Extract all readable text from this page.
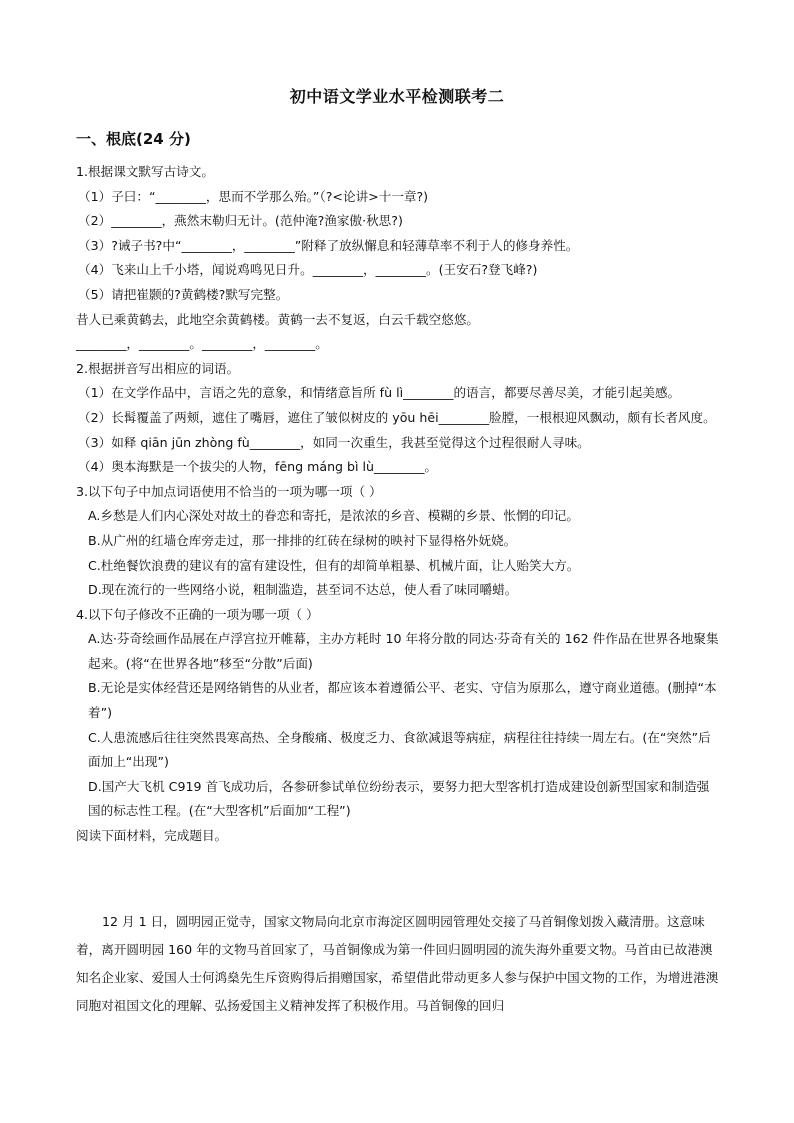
初中语文学业水平检测联考二
一、根底(24 分)
1.根据课文默写古诗文。
（1）子曰：“________，思而不学那么殆。”（?<论讲>十一章?)
（2）________，燕然末勒归无计。(范仲淹?渔家傲·秋思?)
（3）?诫子书?中“________，________”附释了放纵懈息和轻薄草率不利于人的修身养性。
（4）飞来山上千小塔，闻说鸡鸣见日升。________，________。(王安石?登飞峰?)
（5）请把崔颢的?黄鹤楼?默写完整。
昔人已乘黄鹤去，此地空余黄鹤楼。黄鹤一去不复返，白云千载空悠悠。
________，________。________，________。
2.根据拼音写出相应的词语。
（1）在文学作品中，言语之先的意象，和情绪意旨所 fù lì________的语言，都要尽善尽美，才能引起美感。
（2）长髯覆盖了两颊，遮住了嘴唇，遮住了皱似树皮的 yōu hēi________脸膛，一根根迎风飘动，颇有长者风度。
（3）如释 qiān jūn zhòng fù________，如同一次重生，我甚至觉得这个过程很耐人寻味。
（4）奥本海默是一个拔尖的人物，fēng máng bì lù________。
3.以下句子中加点词语使用不恰当的一项为哪一项（ ）
A.乡愁是人们内心深处对故土的眷恋和寄托，是浓浓的乡音、模糊的乡景、怅惘的印记。
B.从广州的红墙仓库旁走过，那一排排的红砖在绿树的映衬下显得格外妩娆。
C.杜绝餐饮浪费的建议有的富有建设性，但有的却简单粗暴、机械片面，让人贻笑大方。
D.现在流行的一些网络小说，粗制滥造，甚至词不达总，使人看了味同嚼蜡。
4.以下句子修改不正确的一项为哪一项（ ）
A.达·芬奇绘画作品展在卢浮宫拉开帷幕，主办方耗时 10 年将分散的同达·芬奇有关的 162 件作品在世界各地聚集起来。(将“在世界各地”移至“分散”后面)
B.无论是实体经营还是网络销售的从业者，都应该本着遵循公平、老实、守信为原那么，遵守商业道德。(删掉“本着”)
C.人患流感后往往突然畏寒高热、全身酸痛、极度乏力、食欲减退等病症，病程往往持续一周左右。(在“突然”后面加上“出现”)
D.国产大飞机 C919 首飞成功后，各参研参试单位纷纷表示，要努力把大型客机打造成建设创新型国家和制造强国的标志性工程。(在“大型客机”后面加“工程”)
阅读下面材料，完成题目。
12 月 1 日，圆明园正觉寺，国家文物局向北京市海淀区圆明园管理处交接了马首铜像划拨入藏清册。这意味着，离开圆明园 160 年的文物马首回家了，马首铜像成为第一件回归圆明园的流失海外重要文物。马首由已故港澳知名企业家、爱国人士何鸿燊先生斥资购得后捐赠国家，希望借此带动更多人参与保护中国文物的工作，为增进港澳同胞对祖国文化的理解、弘扬爱国主义精神发挥了积极作用。马首铜像的回归
